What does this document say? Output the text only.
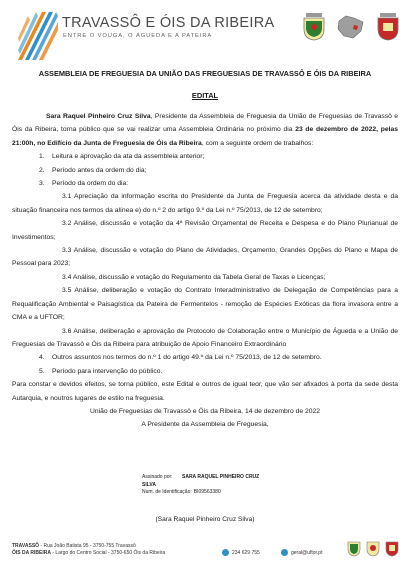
TRAVASSÔ E ÓIS DA RIBEIRA
ENTRE O VOUGA, O ÁGUEDA E A PATEIRA
ASSEMBLEIA DE FREGUESIA DA UNIÃO DAS FREGUESIAS DE TRAVASSÔ E ÓIS DA RIBEIRA
EDITAL

Sara Raquel Pinheiro Cruz Silva, Presidente da Assembleia de Freguesia da União de Freguesias de Travassô e Óis da Ribeira, torna público que se vai realizar uma Assembleia Ordinária no próximo dia 23 de dezembro de 2022, pelas 21:00h, no Edifício da Junta de Freguesia de Óis da Ribeira, com a seguinte ordem de trabalhos:

1. Leitura e aprovação da ata da assembleia anterior;
2. Período antes da ordem do dia;
3. Período da ordem do dia:

3.1 Apreciação da informação escrita do Presidente da Junta de Freguesia acerca da atividade desta e da situação financeira nos termos da alínea e) do n.º 2 do artigo 9.º da Lei n.º 75/2013, de 12 de setembro;

3.2 Análise, discussão e votação da 4ª Revisão Orçamental de Receita e Despesa e do Plano Plurianual de Investimentos;

3.3 Análise, discussão e votação do Plano de Atividades, Orçamento, Grandes Opções do Plano e Mapa de Pessoal para 2023;

3.4 Análise, discussão e votação do Regulamento da Tabela Geral de Taxas e Licenças;

3.5 Análise, deliberação e votação do Contrato Interadministrativo de Delegação de Competências para a Requalificação Ambiental e Paisagística da Pateira de Fermentelos - remoção de Espécies Exóticas da flora invasora entre a CMA e a UFTOR;

3.6 Análise, deliberação e aprovação de Protocolo de Colaboração entre o Município de Águeda e a União de Freguesias de Travassô e Óis da Ribeira para atribuição de Apoio Financeiro Extraordinário

4. Outros assuntos nos termos do n.º 1 do artigo 49.º da Lei n.º 75/2013, de 12 de setembro.
5. Período para intervenção do público.

Para constar e devidos efeitos, se torna público, este Edital e outros de igual teor, que vão ser afixados à porta da sede desta Autarquia, e noutros lugares de estilo na freguesia.

União de Freguesias de Travassô e Óis da Ribeira, 14 de dezembro de 2022

A Presidente da Assembleia de Freguesia,

Assinado por: SARA RAQUEL PINHEIRO CRUZ SILVA
Num. de Identificação: BI09563380
(Sara Raquel Pinheiro Cruz Silva)
TRAVASSÔ - Rua João Batista 95 - 3750-755 Travassô
ÓIS DA RIBEIRA - Largo do Centro Social - 3750-650 Óis da Ribeira	234 629 755	geral@uftor.pt
